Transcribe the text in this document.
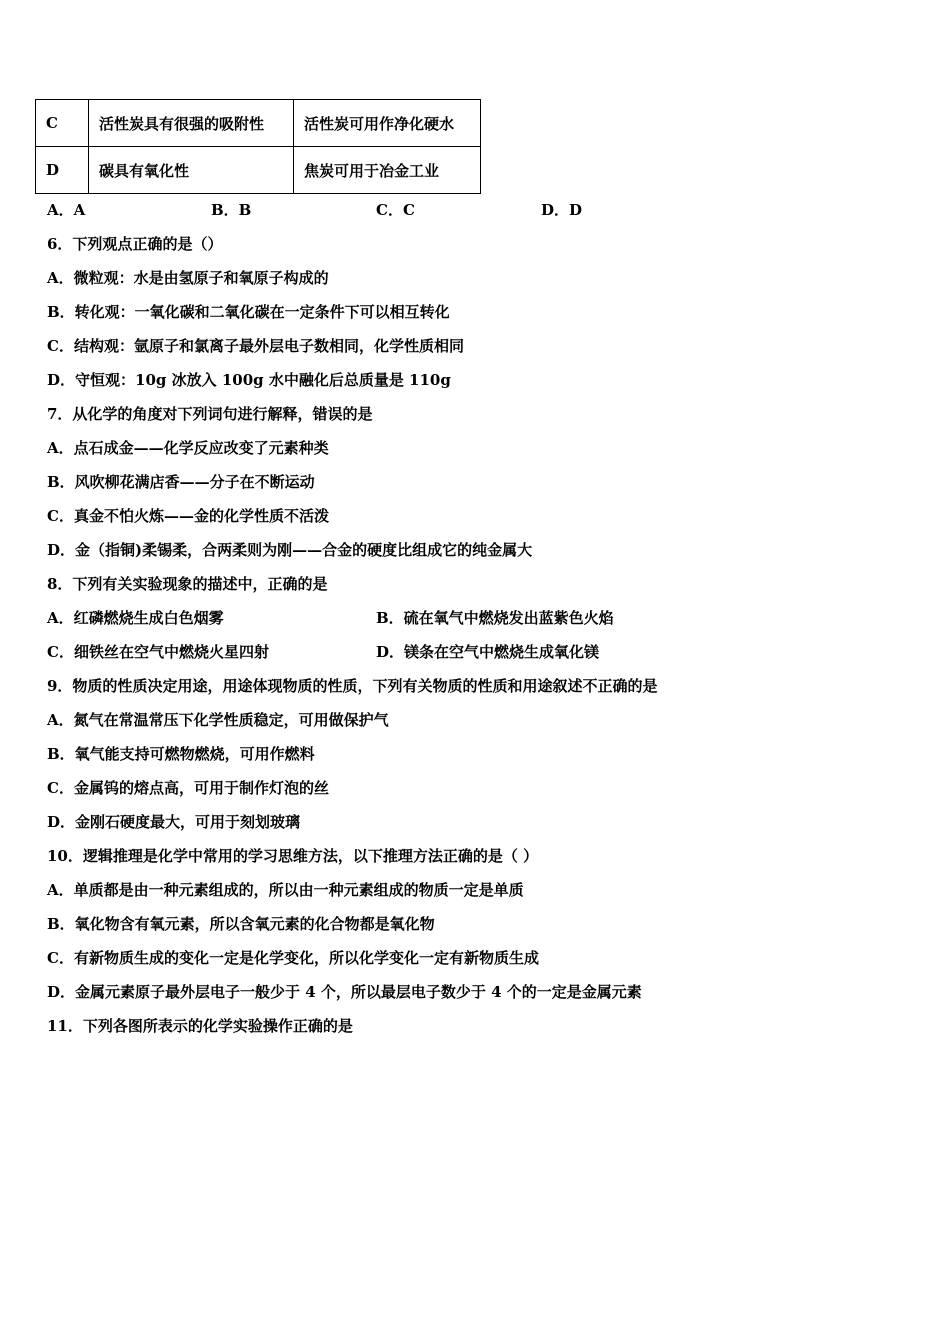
C	活性炭具有很强的吸附性	活性炭可用作净化硬水
D	碳具有氧化性	焦炭可用于冶金工业
A．A	B．B	C．C	D．D
6．下列观点正确的是（）
A．微粒观：水是由氢原子和氧原子构成的
B．转化观：一氧化碳和二氧化碳在一定条件下可以相互转化
C．结构观：氩原子和氯离子最外层电子数相同，化学性质相同
D．守恒观：10g 冰放入 100g 水中融化后总质量是 110g
7．从化学的角度对下列词句进行解释，错误的是
A．点石成金——化学反应改变了元素种类
B．风吹柳花满店香——分子在不断运动
C．真金不怕火炼——金的化学性质不活泼
D．金（指铜)柔锡柔，合两柔则为刚——合金的硬度比组成它的纯金属大
8．下列有关实验现象的描述中，正确的是
A．红磷燃烧生成白色烟雾	B．硫在氧气中燃烧发出蓝紫色火焰
C．细铁丝在空气中燃烧火星四射	D．镁条在空气中燃烧生成氧化镁
9．物质的性质决定用途，用途体现物质的性质，下列有关物质的性质和用途叙述不正确的是
A．氮气在常温常压下化学性质稳定，可用做保护气
B．氧气能支持可燃物燃烧，可用作燃料
C．金属钨的熔点高，可用于制作灯泡的丝
D．金刚石硬度最大，可用于刻划玻璃
10．逻辑推理是化学中常用的学习思维方法，以下推理方法正确的是（ ）
A．单质都是由一种元素组成的，所以由一种元素组成的物质一定是单质
B．氧化物含有氧元素，所以含氧元素的化合物都是氧化物
C．有新物质生成的变化一定是化学变化，所以化学变化一定有新物质生成
D．金属元素原子最外层电子一般少于 4 个，所以最层电子数少于 4 个的一定是金属元素
11．下列各图所表示的化学实验操作正确的是
